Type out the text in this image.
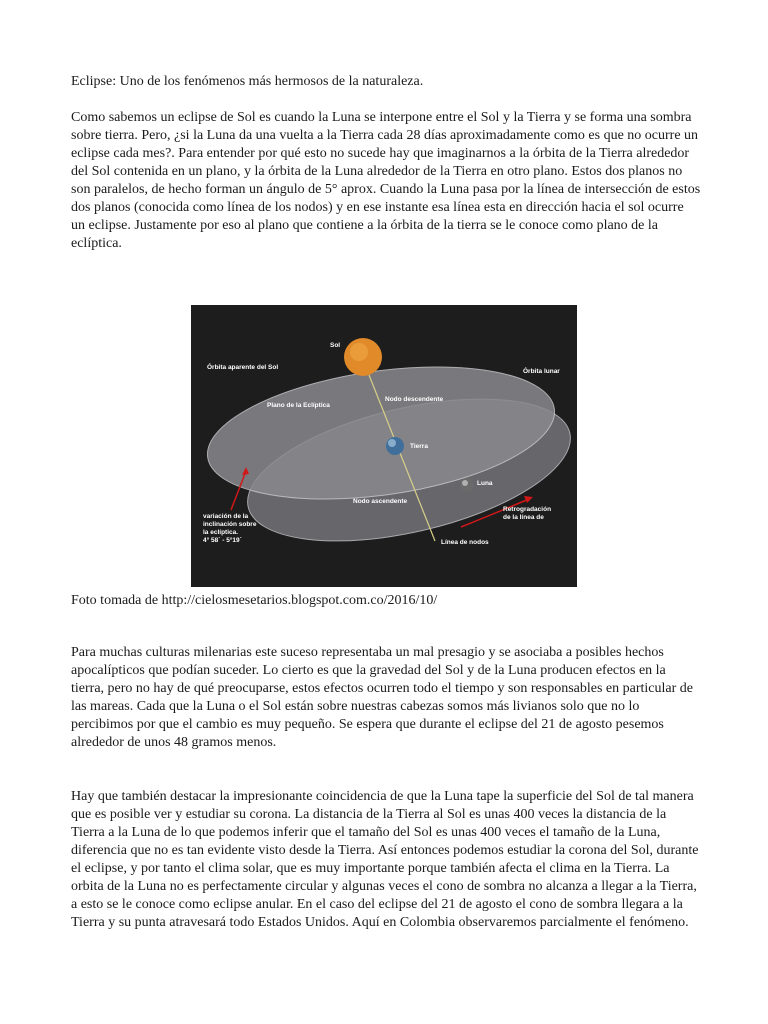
Eclipse: Uno de los fenómenos más hermosos de la naturaleza.

Como sabemos un eclipse de Sol es cuando la Luna se interpone entre el Sol y la Tierra y se forma una sombra sobre tierra. Pero, ¿si la Luna da una vuelta a la Tierra cada 28 días aproximadamente como es que no ocurre un eclipse cada mes?. Para entender por qué esto no sucede hay que imaginarnos a la órbita de la Tierra alrededor del Sol contenida en un plano, y la órbita de la Luna alrededor de la Tierra en otro plano. Estos dos planos no son paralelos, de hecho forman un ángulo de 5° aprox. Cuando la Luna pasa por la línea de intersección de estos dos planos (conocida como línea de los nodos) y en ese instante esa línea esta en dirección hacia el sol ocurre un eclipse. Justamente por eso al plano que contiene a la órbita de la tierra se le conoce como plano de la eclíptica.

Sol
Órbita aparente del Sol
Órbita lunar
Plano de la Eclíptica
Nodo descendente
Tierra
Luna
Nodo ascendente
variación de la
inclinación sobre
la eclíptica.
4° 58´ - 5°19´
Retrogradación
de la línea de
Línea de nodos
Foto tomada de http://cielosmesetarios.blogspot.com.co/2016/10/

Para muchas culturas milenarias este suceso representaba un mal presagio y se asociaba a posibles hechos apocalípticos que podían suceder. Lo cierto es que la gravedad del Sol y de la Luna producen efectos en la tierra, pero no hay de qué preocuparse, estos efectos ocurren todo el tiempo y son responsables en particular de las mareas. Cada que la Luna o el Sol están sobre nuestras cabezas somos más livianos solo que no lo percibimos por que el cambio es muy pequeño. Se espera que durante el eclipse del 21 de agosto pesemos alrededor de unos 48 gramos menos.

Hay que también destacar la impresionante coincidencia de que la Luna tape la superficie del Sol de tal manera que es posible ver y estudiar su corona. La distancia de la Tierra al Sol es unas 400 veces la distancia de la Tierra a la Luna de lo que podemos inferir que el tamaño del Sol es unas 400 veces el tamaño de la Luna, diferencia que no es tan evidente visto desde la Tierra. Así entonces podemos estudiar la corona del Sol, durante el eclipse, y por tanto el clima solar, que es muy importante porque también afecta el clima en la Tierra. La orbita de la Luna no es perfectamente circular y algunas veces el cono de sombra no alcanza a llegar a la Tierra, a esto se le conoce como eclipse anular. En el caso del eclipse del 21 de agosto el cono de sombra llegara a la Tierra y su punta atravesará todo Estados Unidos. Aquí en Colombia observaremos parcialmente el fenómeno.
